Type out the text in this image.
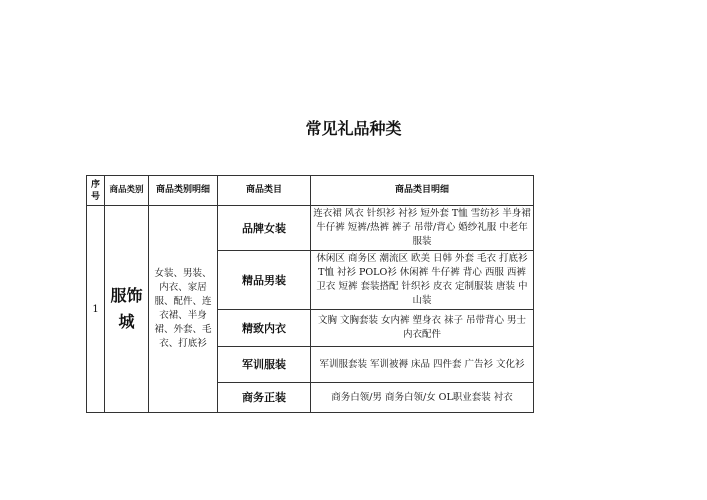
常见礼品种类
序号	商品类别	商品类别明细	商品类目	商品类目明细
1	服饰城	女装、男装、内衣、家居服、配件、连衣裙、半身裙、外套、毛衣、打底衫	品牌女装	连衣裙 风衣 针织衫 衬衫 短外套 T恤 雪纺衫 半身裙 牛仔裤 短裤/热裤 裤子 吊带/背心 婚纱礼服 中老年服装
			精品男装	休闲区 商务区 潮流区 欧美 日韩 外套 毛衣 打底衫 T恤 衬衫 POLO衫 休闲裤 牛仔裤 背心 西服 西裤 卫衣 短裤 套装搭配 针织衫 皮衣 定制服装 唐装 中山装
			精致内衣	文胸 文胸套装 女内裤 塑身衣 袜子 吊带背心 男士 内衣配件
			军训服装	军训服套装 军训被褥 床品 四件套 广告衫 文化衫
			商务正装	商务白领/男 商务白领/女 OL职业套装 衬衣
